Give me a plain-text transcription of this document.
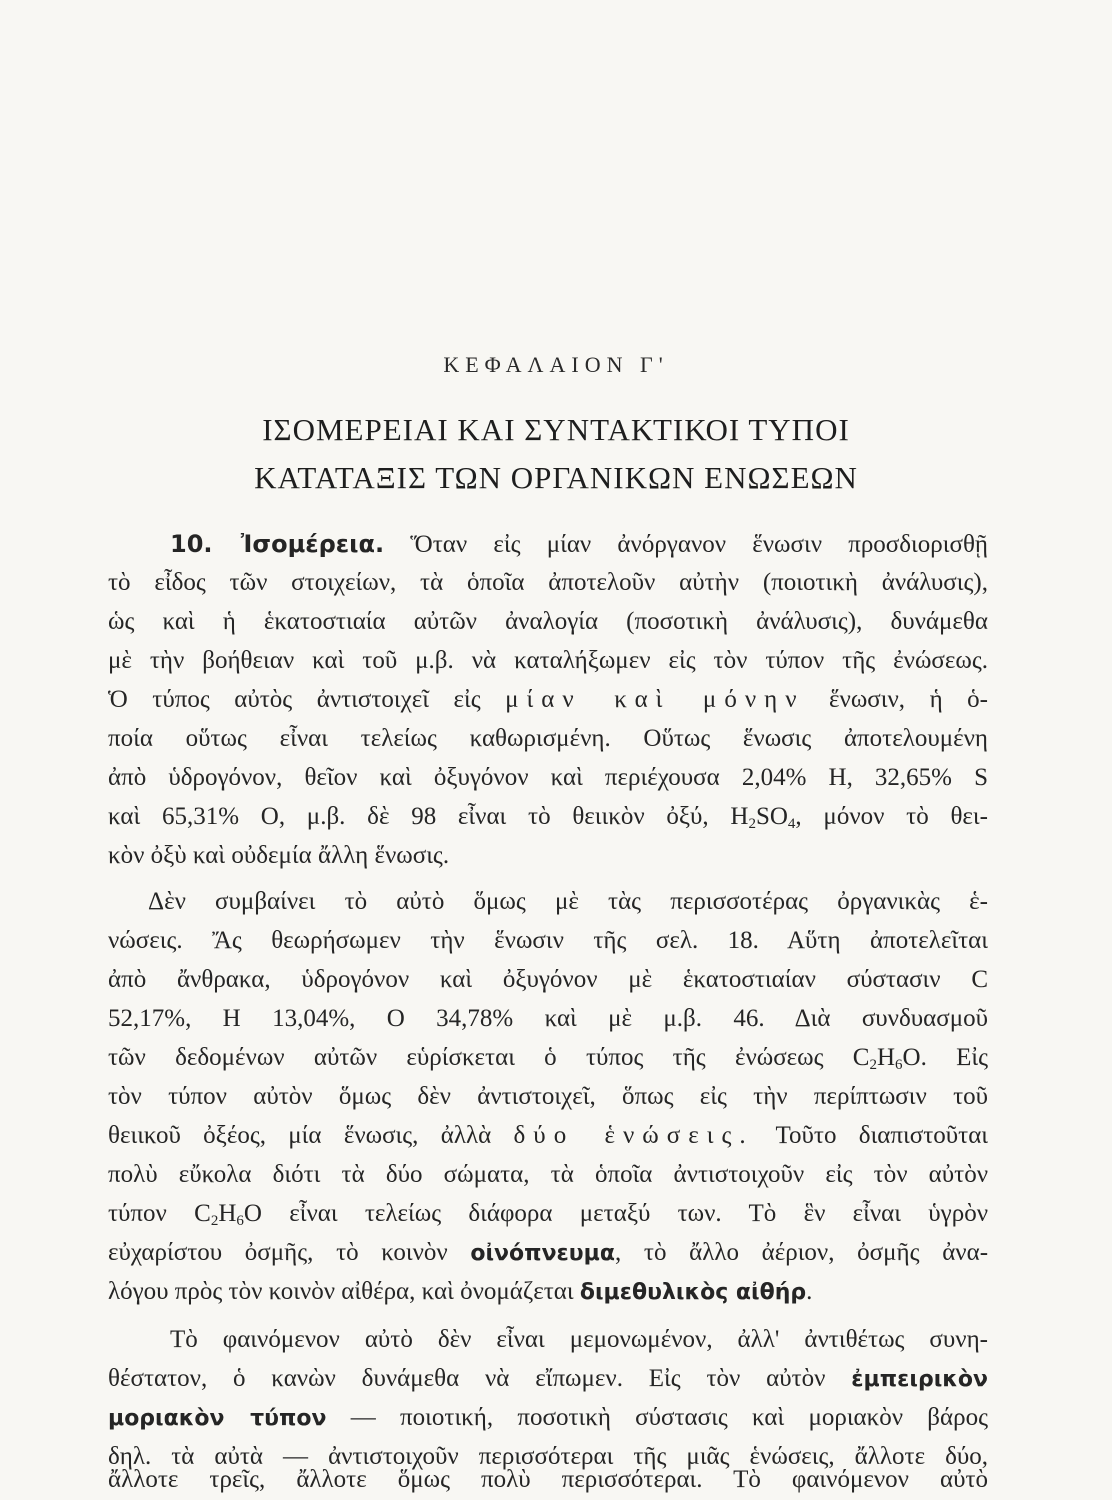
ΚΕΦΑΛΑΙΟΝ Γ'
ΙΣΟΜΕΡΕΙΑΙ ΚΑΙ ΣΥΝΤΑΚΤΙΚΟΙ ΤΥΠΟΙ
ΚΑΤΑΤΑΞΙΣ ΤΩΝ ΟΡΓΑΝΙΚΩΝ ΕΝΩΣΕΩΝ
10. Ἰσομέρεια. Ὅταν εἰς μίαν ἀνόργανον ἕνωσιν προσδιορισθῇ
τὸ εἶδος τῶν στοιχείων, τὰ ὁποῖα ἀποτελοῦν αὐτὴν (ποιοτικὴ ἀνάλυσις),
ὡς καὶ ἡ ἑκατοστιαία αὐτῶν ἀναλογία (ποσοτικὴ ἀνάλυσις), δυνάμεθα
μὲ τὴν βοήθειαν καὶ τοῦ μ.β. νὰ καταλήξωμεν εἰς τὸν τύπον τῆς ἐνώσεως.
Ὁ τύπος αὐτὸς ἀντιστοιχεῖ εἰς μίαν καὶ μόνην ἕνωσιν, ἡ ὁ-
ποία οὕτως εἶναι τελείως καθωρισμένη. Οὕτως ἕνωσις ἀποτελουμένη
ἀπὸ ὑδρογόνον, θεῖον καὶ ὀξυγόνον καὶ περιέχουσα 2,04% H, 32,65% S
καὶ 65,31% O, μ.β. δὲ 98 εἶναι τὸ θειικὸν ὀξύ, $H_2SO_4$, μόνον τὸ θει-
κὸν ὀξὺ καὶ οὐδεμία ἄλλη ἕνωσις.
Δὲν συμβαίνει τὸ αὐτὸ ὅμως μὲ τὰς περισσοτέρας ὀργανικὰς ἑ-
νώσεις. Ἄς θεωρήσωμεν τὴν ἕνωσιν τῆς σελ. 18. Αὕτη ἀποτελεῖται
ἀπὸ ἄνθρακα, ὑδρογόνον καὶ ὀξυγόνον μὲ ἑκατοστιαίαν σύστασιν C
52,17%, H 13,04%, O 34,78% καὶ μὲ μ.β. 46. Διὰ συνδυασμοῦ
τῶν δεδομένων αὐτῶν εὑρίσκεται ὁ τύπος τῆς ἐνώσεως $C_2H_6O$. Εἰς
τὸν τύπον αὐτὸν ὅμως δὲν ἀντιστοιχεῖ, ὅπως εἰς τὴν περίπτωσιν τοῦ
θειικοῦ ὀξέος, μία ἕνωσις, ἀλλὰ δύο ἑνώσεις. Τοῦτο διαπιστοῦται
πολὺ εὔκολα διότι τὰ δύο σώματα, τὰ ὁποῖα ἀντιστοιχοῦν εἰς τὸν αὐτὸν
τύπον $C_2H_6O$ εἶναι τελείως διάφορα μεταξύ των. Τὸ ἓν εἶναι ὑγρὸν
εὐχαρίστου ὀσμῆς, τὸ κοινὸν οἰνόπνευμα, τὸ ἄλλο ἀέριον, ὀσμῆς ἀνα-
λόγου πρὸς τὸν κοινὸν αἰθέρα, καὶ ὀνομάζεται διμεθυλικὸς αἰθήρ.
Τὸ φαινόμενον αὐτὸ δὲν εἶναι μεμονωμένον, ἀλλ' ἀντιθέτως συνη-
θέστατον, ὁ κανὼν δυνάμεθα νὰ εἴπωμεν. Εἰς τὸν αὐτὸν ἐμπειρικὸν
μοριακὸν τύπον — ποιοτική, ποσοτικὴ σύστασις καὶ μοριακὸν βάρος
δηλ. τὰ αὐτὰ — ἀντιστοιχοῦν περισσότεραι τῆς μιᾶς ἑνώσεις, ἄλλοτε δύο,
ἄλλοτε τρεῖς, ἄλλοτε ὅμως πολὺ περισσότεραι. Τὸ φαινόμενον αὐτὸ
